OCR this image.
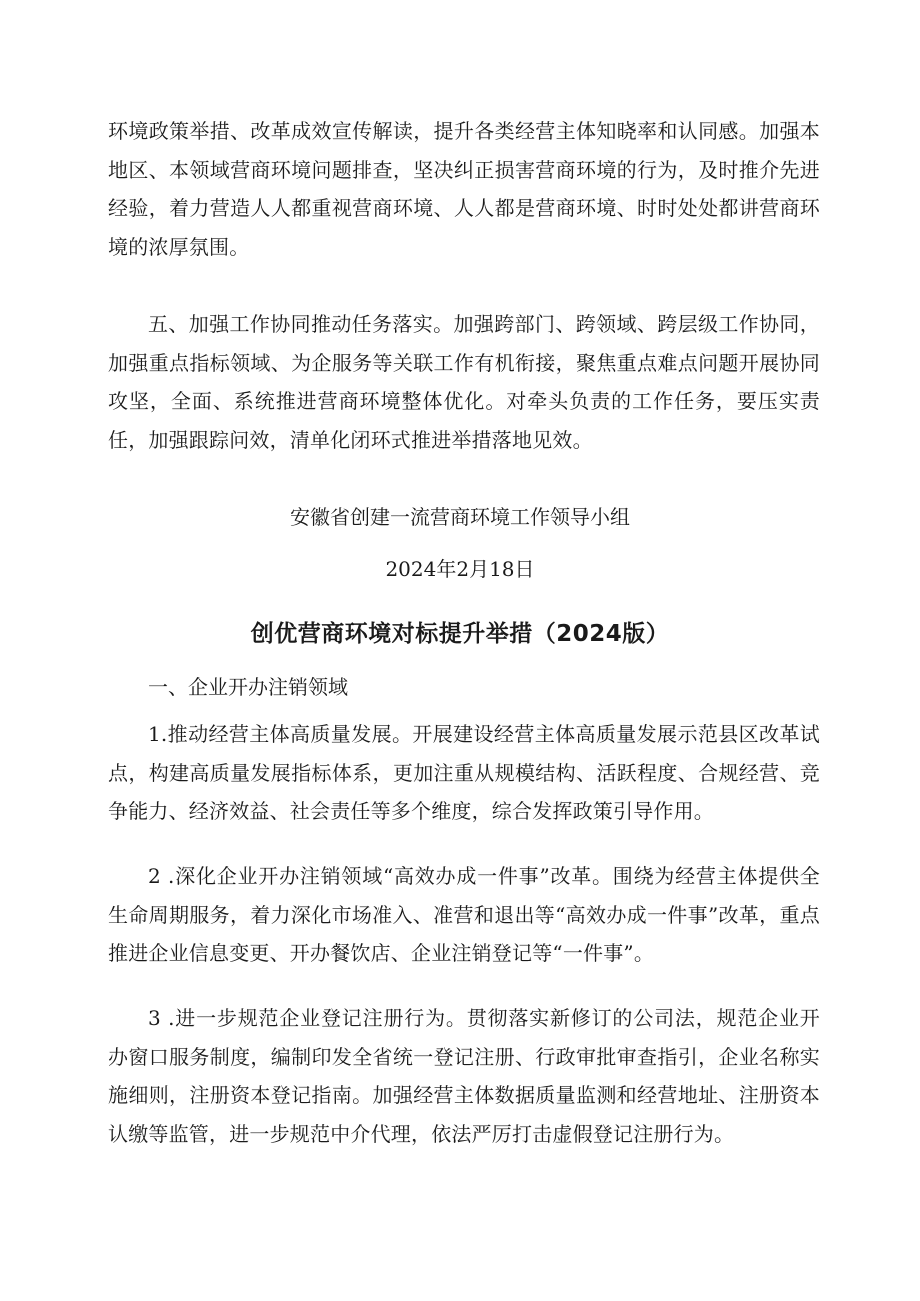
环境政策举措、改革成效宣传解读，提升各类经营主体知晓率和认同感。加强本地区、本领域营商环境问题排查，坚决纠正损害营商环境的行为，及时推介先进经验，着力营造人人都重视营商环境、人人都是营商环境、时时处处都讲营商环境的浓厚氛围。

五、加强工作协同推动任务落实。加强跨部门、跨领域、跨层级工作协同，加强重点指标领域、为企服务等关联工作有机衔接，聚焦重点难点问题开展协同攻坚，全面、系统推进营商环境整体优化。对牵头负责的工作任务，要压实责任，加强跟踪问效，清单化闭环式推进举措落地见效。

安徽省创建一流营商环境工作领导小组

2024年2月18日

创优营商环境对标提升举措（2024版）
一、企业开办注销领域

1.推动经营主体高质量发展。开展建设经营主体高质量发展示范县区改革试点，构建高质量发展指标体系，更加注重从规模结构、活跃程度、合规经营、竞争能力、经济效益、社会责任等多个维度，综合发挥政策引导作用。

2 .深化企业开办注销领域“高效办成一件事”改革。围绕为经营主体提供全生命周期服务，着力深化市场准入、准营和退出等“高效办成一件事”改革，重点推进企业信息变更、开办餐饮店、企业注销登记等“一件事”。

3 .进一步规范企业登记注册行为。贯彻落实新修订的公司法，规范企业开办窗口服务制度，编制印发全省统一登记注册、行政审批审查指引，企业名称实施细则，注册资本登记指南。加强经营主体数据质量监测和经营地址、注册资本认缴等监管，进一步规范中介代理，依法严厉打击虚假登记注册行为。
